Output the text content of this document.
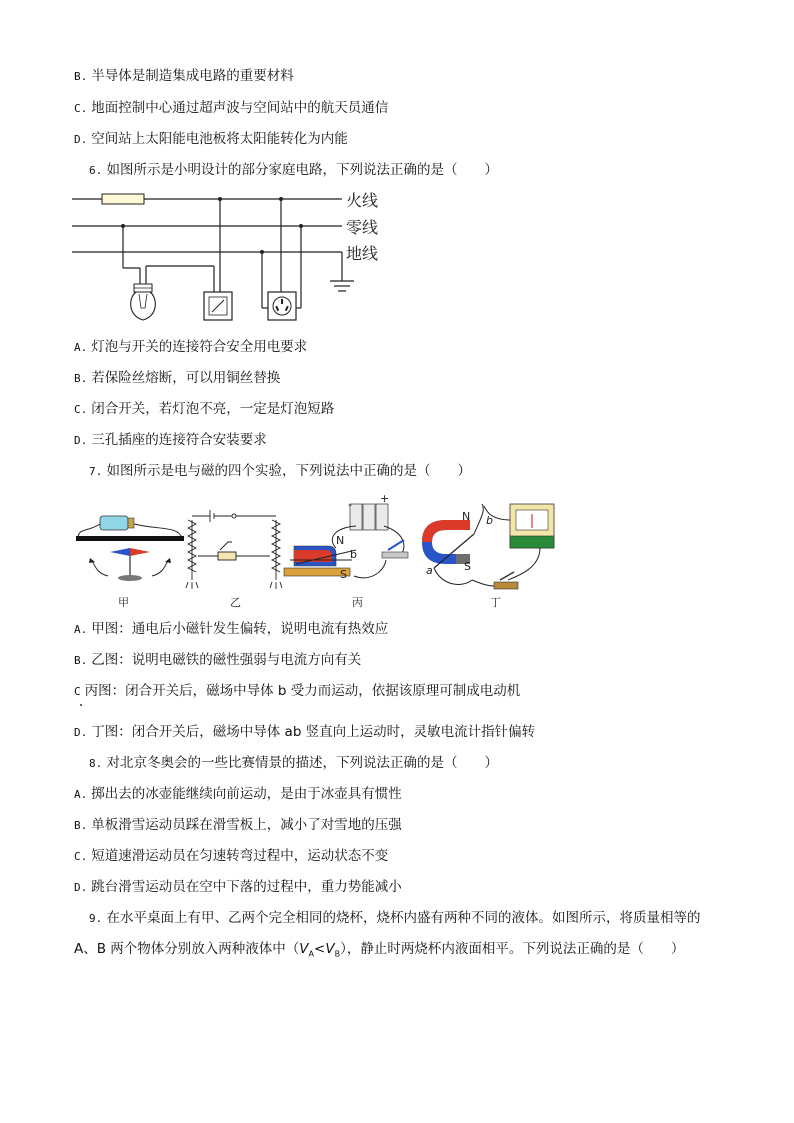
B. 半导体是制造集成电路的重要材料
C. 地面控制中心通过超声波与空间站中的航天员通信
D. 空间站上太阳能电池板将太阳能转化为内能
6. 如图所示是小明设计的部分家庭电路，下列说法正确的是（　　）
火线
零线
地线
A. 灯泡与开关的连接符合安全用电要求
B. 若保险丝熔断，可以用铜丝替换
C. 闭合开关，若灯泡不亮，一定是灯泡短路
D. 三孔插座的连接符合安装要求
7. 如图所示是电与磁的四个实验，下列说法中正确的是（　　）
-	+
N
S
b
N
S
a
b
甲	乙	丙	丁
A. 甲图：通电后小磁针发生偏转，说明电流有热效应
B. 乙图：说明电磁铁的磁性强弱与电流方向有关
C 丙图：闭合开关后，磁场中导体 b 受力而运动，依据该原理可制成电动机
D. 丁图：闭合开关后，磁场中导体 ab 竖直向上运动时，灵敏电流计指针偏转
8. 对北京冬奥会的一些比赛情景的描述，下列说法正确的是（　　）
A. 掷出去的冰壶能继续向前运动，是由于冰壶具有惯性
B. 单板滑雪运动员踩在滑雪板上，减小了对雪地的压强
C. 短道速滑运动员在匀速转弯过程中，运动状态不变
D. 跳台滑雪运动员在空中下落的过程中，重力势能减小
9. 在水平桌面上有甲、乙两个完全相同的烧杯，烧杯内盛有两种不同的液体。如图所示，将质量相等的
A、B 两个物体分别放入两种液体中$(V_A<V_B)$，静止时两烧杯内液面相平。下列说法正确的是（　　）
